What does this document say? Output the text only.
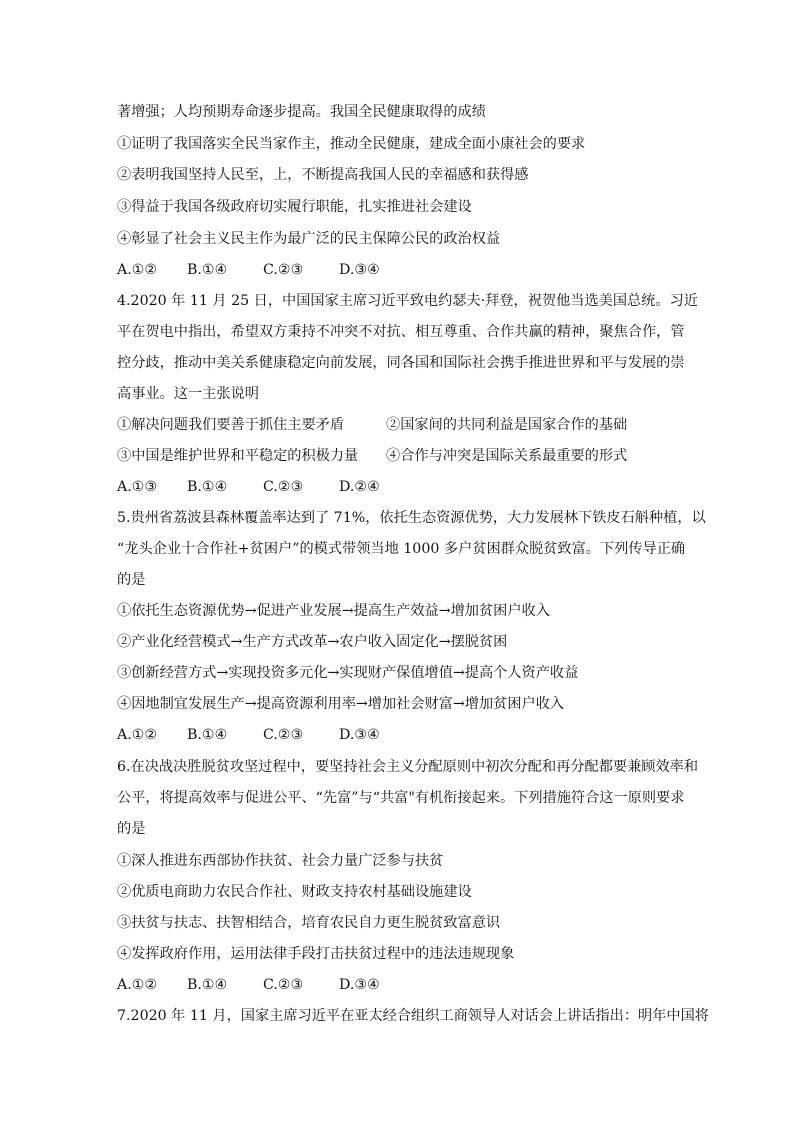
著增强；人均预期寿命逐步提高。我国全民健康取得的成绩
①证明了我国落实全民当家作主，推动全民健康，建成全面小康社会的要求
②表明我国坚持人民至，上，不断提高我国人民的幸福感和获得感
③得益于我国各级政府切实履行职能，扎实推进社会建设
④彰显了社会主义民主作为最广泛的民主保障公民的政治权益
A.①② B.①④	C.②③	D.③④
4.2020 年 11 月 25 日，中国国家主席习近平致电约瑟夫·拜登，祝贺他当选美国总统。习近
平在贺电中指出，希望双方秉持不冲突不对抗、相互尊重、合作共赢的精神，聚焦合作，管
控分歧，推动中美关系健康稳定向前发展，同各国和国际社会携手推进世界和平与发展的崇
高事业。这一主张说明
①解决问题我们要善于抓住主要矛盾	②国家间的共同利益是国家合作的基础
③中国是维护世界和平稳定的积极力量 ④合作与冲突是国际关系最重要的形式
A.①③ B.①④	C.②③	D.②④
5.贵州省荔波县森林覆盖率达到了 71%，依托生态资源优势，大力发展林下铁皮石斛种植，以
“龙头企业十合作社+贫困户”的模式带领当地 1000 多户贫困群众脱贫致富。下列传导正确
的是
①依托生态资源优势→促进产业发展→提高生产效益→增加贫困户收入
②产业化经营模式→生产方式改革→农户收入固定化→摆脱贫困
③创新经营方式→实现投资多元化→实现财产保值增值→提高个人资产收益
④因地制宜发展生产→提高资源利用率→增加社会财富→增加贫困户收入
A.①② B.①④	C.②③	D.③④
6.在决战决胜脱贫攻坚过程中，要坚持社会主义分配原则中初次分配和再分配都要兼顾效率和
公平，将提高效率与促进公平、“先富”与“共富"有机衔接起来。下列措施符合这一原则要求
的是
①深人推进东西部协作扶贫、社会力量广泛参与扶贫
②优质电商助力农民合作社、财政支持农村基础设施建设
③扶贫与扶志、扶智相结合，培育农民自力更生脱贫致富意识
④发挥政府作用，运用法律手段打击扶贫过程中的违法违规现象
A.①② B.①④	C.②③	D.③④
7.2020 年 11 月，国家主席习近平在亚太经合组织工商领导人对话会上讲话指出：明年中国将
